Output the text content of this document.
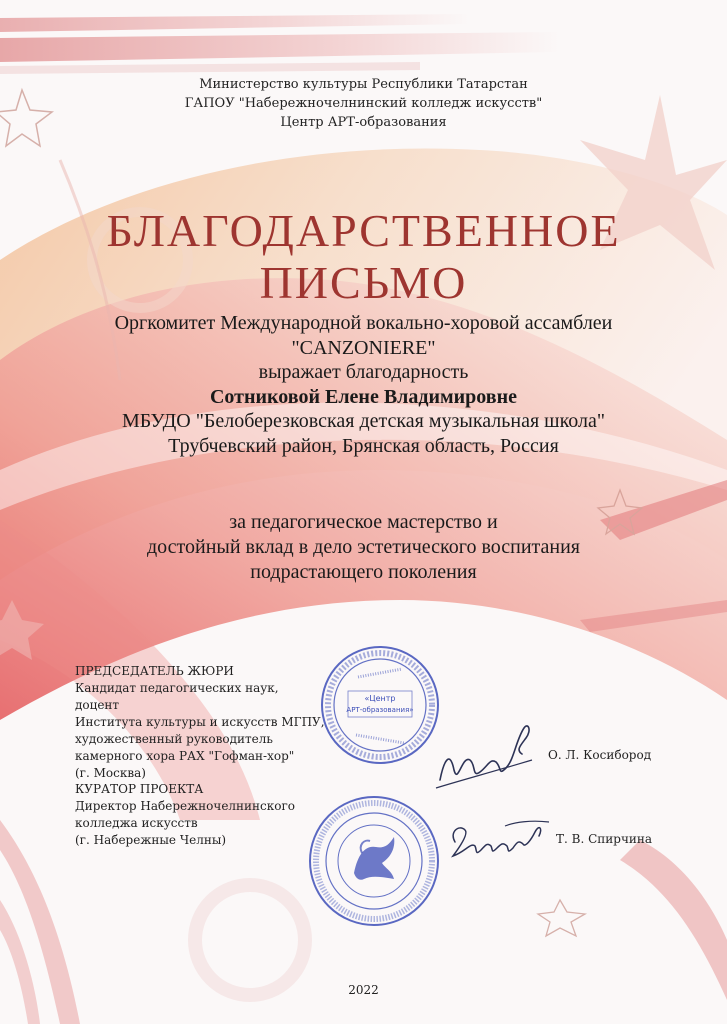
Министерство культуры Республики Татарстан
ГАПОУ "Набережночелнинский колледж искусств"
Центр АРТ-образования
БЛАГОДАРСТВЕННОЕ
ПИСЬМО
Оргкомитет Международной вокально-хоровой ассамблеи
"CANZONIERE"
выражает благодарность
Сотниковой Елене Владимировне
МБУДО "Белоберезковская детская музыкальная школа"
Трубчевский район, Брянская область, Россия
за педагогическое мастерство и
достойный вклад в дело эстетического воспитания
подрастающего поколения
ПРЕДСЕДАТЕЛЬ ЖЮРИ
Кандидат педагогических наук, доцент
Института культуры и искусств МГПУ,
художественный руководитель
камерного хора РАХ "Гофман-хор"
(г. Москва)
О. Л. Косибород
КУРАТОР ПРОЕКТА
Директор Набережночелнинского
колледжа искусств
(г. Набережные Челны)	Т. В. Спирчина
«Центр
АРТ-образования»
2022
